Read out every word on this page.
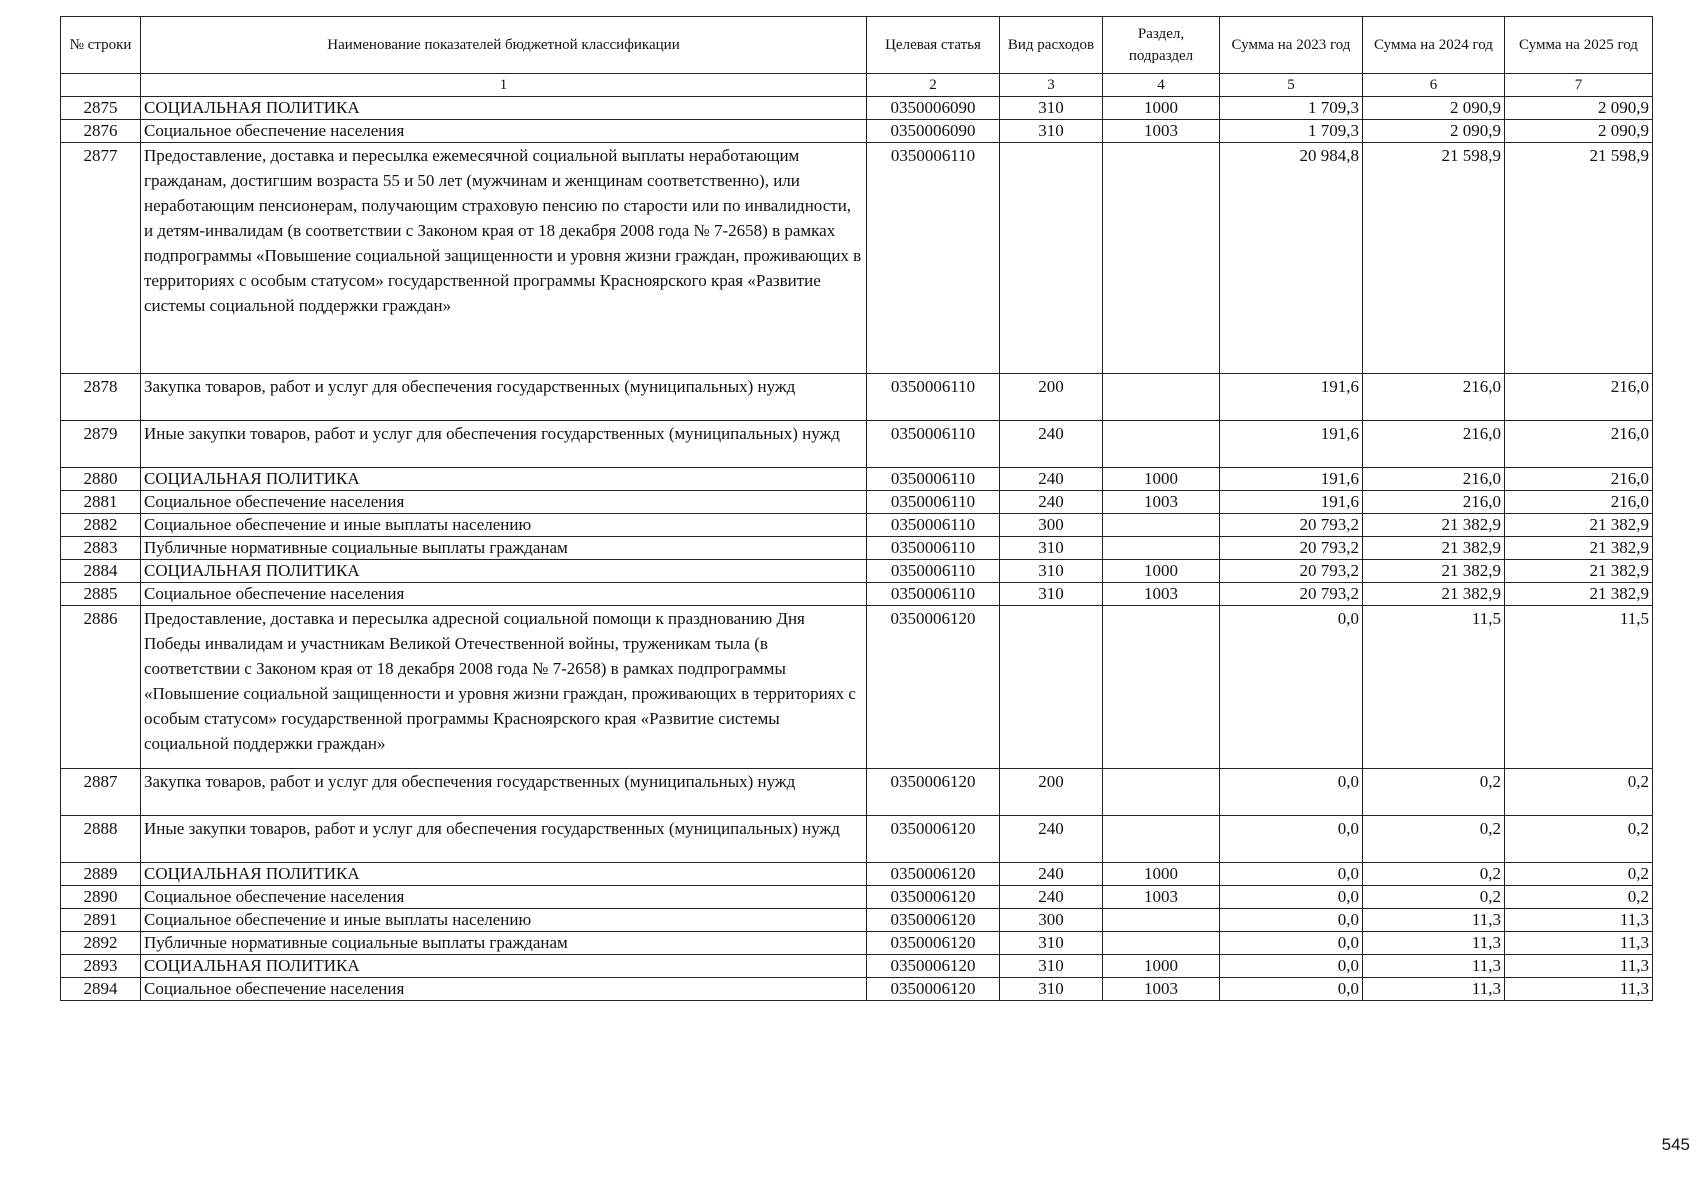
№ строки	Наименование показателей бюджетной классификации	Целевая статья	Вид расходов	Раздел, подраздел	Сумма на 2023 год	Сумма на 2024 год	Сумма на 2025 год
	1	2	3	4	5	6	7
2875	СОЦИАЛЬНАЯ ПОЛИТИКА	0350006090	310	1000	1 709,3	2 090,9	2 090,9
2876	Социальное обеспечение населения	0350006090	310	1003	1 709,3	2 090,9	2 090,9
2877	Предоставление, доставка и пересылка ежемесячной социальной выплаты неработающим гражданам, достигшим возраста 55 и 50 лет (мужчинам и женщинам соответственно), или неработающим пенсионерам, получающим страховую пенсию по старости или по инвалидности, и детям-инвалидам (в соответствии с Законом края от 18 декабря 2008 года № 7-2658) в рамках подпрограммы «Повышение социальной защищенности и уровня жизни граждан, проживающих в территориях с особым статусом» государственной программы Красноярского края «Развитие системы социальной поддержки граждан»	0350006110			20 984,8	21 598,9	21 598,9
2878	Закупка товаров, работ и услуг для обеспечения государственных (муниципальных) нужд	0350006110	200		191,6	216,0	216,0
2879	Иные закупки товаров, работ и услуг для обеспечения государственных (муниципальных) нужд	0350006110	240		191,6	216,0	216,0
2880	СОЦИАЛЬНАЯ ПОЛИТИКА	0350006110	240	1000	191,6	216,0	216,0
2881	Социальное обеспечение населения	0350006110	240	1003	191,6	216,0	216,0
2882	Социальное обеспечение и иные выплаты населению	0350006110	300		20 793,2	21 382,9	21 382,9
2883	Публичные нормативные социальные выплаты гражданам	0350006110	310		20 793,2	21 382,9	21 382,9
2884	СОЦИАЛЬНАЯ ПОЛИТИКА	0350006110	310	1000	20 793,2	21 382,9	21 382,9
2885	Социальное обеспечение населения	0350006110	310	1003	20 793,2	21 382,9	21 382,9
2886	Предоставление, доставка и пересылка адресной социальной помощи к празднованию Дня Победы инвалидам и участникам Великой Отечественной войны, труженикам тыла (в соответствии с Законом края от 18 декабря 2008 года № 7-2658) в рамках подпрограммы «Повышение социальной защищенности и уровня жизни граждан, проживающих в территориях с особым статусом» государственной программы Красноярского края «Развитие системы социальной поддержки граждан»	0350006120			0,0	11,5	11,5
2887	Закупка товаров, работ и услуг для обеспечения государственных (муниципальных) нужд	0350006120	200		0,0	0,2	0,2
2888	Иные закупки товаров, работ и услуг для обеспечения государственных (муниципальных) нужд	0350006120	240		0,0	0,2	0,2
2889	СОЦИАЛЬНАЯ ПОЛИТИКА	0350006120	240	1000	0,0	0,2	0,2
2890	Социальное обеспечение населения	0350006120	240	1003	0,0	0,2	0,2
2891	Социальное обеспечение и иные выплаты населению	0350006120	300		0,0	11,3	11,3
2892	Публичные нормативные социальные выплаты гражданам	0350006120	310		0,0	11,3	11,3
2893	СОЦИАЛЬНАЯ ПОЛИТИКА	0350006120	310	1000	0,0	11,3	11,3
2894	Социальное обеспечение населения	0350006120	310	1003	0,0	11,3	11,3
545
